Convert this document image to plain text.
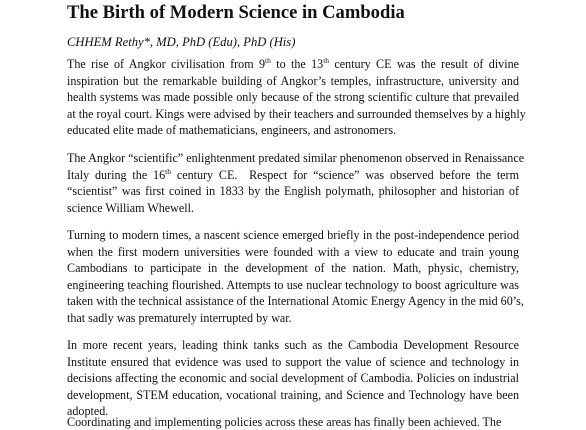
The Birth of Modern Science in Cambodia
CHHEM Rethy*, MD, PhD (Edu), PhD (His)
The rise of Angkor civilisation from 9th to the 13th century CE was the result of divine
inspiration but the remarkable building of Angkor’s temples, infrastructure, university and
health systems was made possible only because of the strong scientific culture that prevailed
at the royal court. Kings were advised by their teachers and surrounded themselves by a highly
educated elite made of mathematicians, engineers, and astronomers.
The Angkor “scientific” enlightenment predated similar phenomenon observed in Renaissance
Italy during the 16th century CE.  Respect for “science” was observed before the term
“scientist” was first coined in 1833 by the English polymath, philosopher and historian of
science William Whewell.
Turning to modern times, a nascent science emerged briefly in the post-independence period
when the first modern universities were founded with a view to educate and train young
Cambodians to participate in the development of the nation. Math, physic, chemistry,
engineering teaching flourished. Attempts to use nuclear technology to boost agriculture was
taken with the technical assistance of the International Atomic Energy Agency in the mid 60’s,
that sadly was prematurely interrupted by war.
In more recent years, leading think tanks such as the Cambodia Development Resource
Institute ensured that evidence was used to support the value of science and technology in
decisions affecting the economic and social development of Cambodia. Policies on industrial
development, STEM education, vocational training, and Science and Technology have been
adopted.
Coordinating and implementing policies across these areas has finally been achieved. The
